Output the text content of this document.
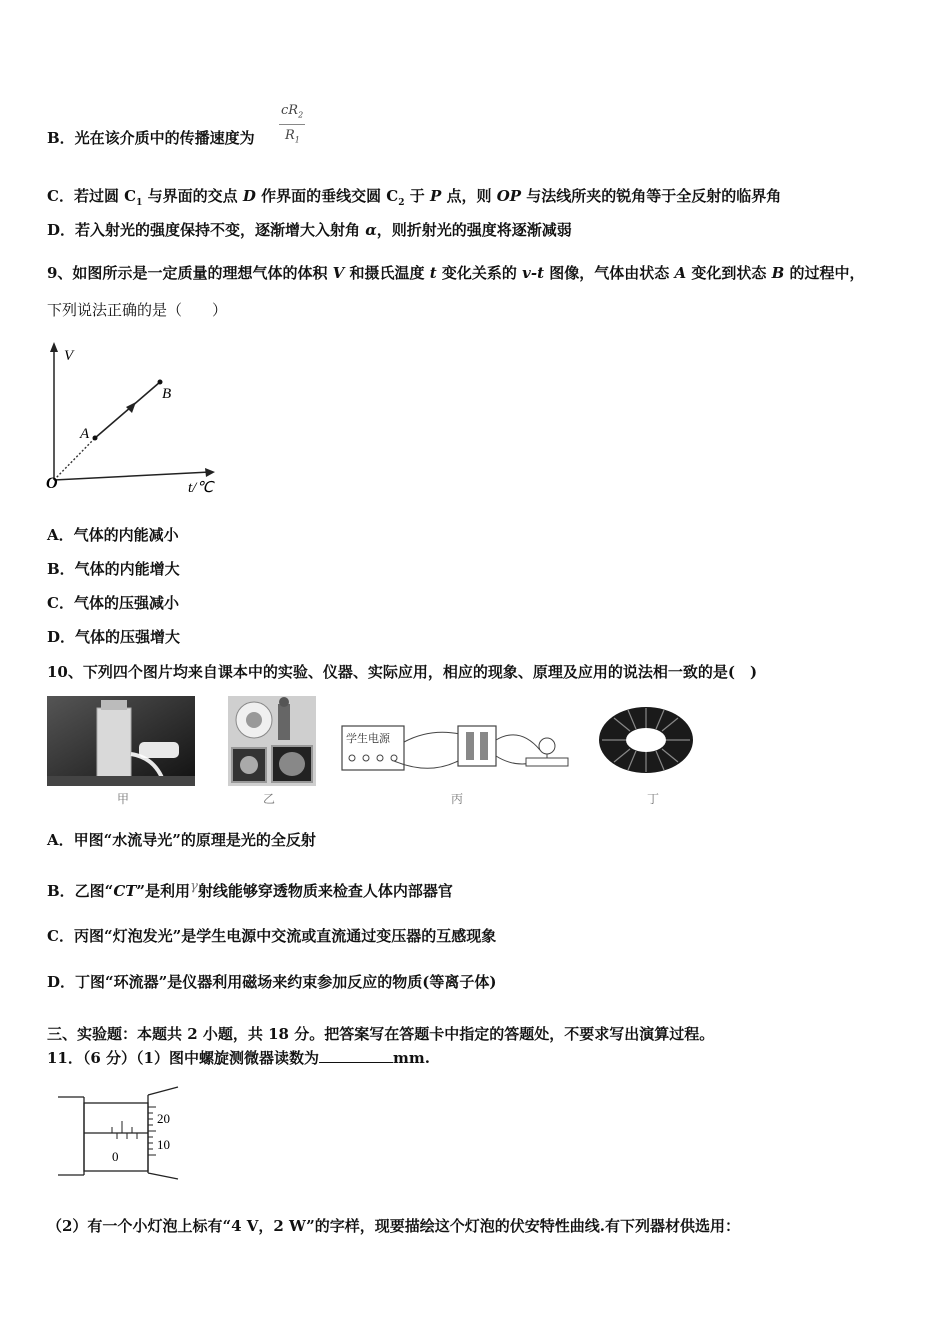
B．光在该介质中的传播速度为
$cR_2$
$R_1$
C．若过圆 $C_1$ 与界面的交点 D 作界面的垂线交圆 $C_2$ 于 P 点，则 OP 与法线所夹的锐角等于全反射的临界角
D．若入射光的强度保持不变，逐渐增大入射角 α，则折射光的强度将逐渐减弱
9、如图所示是一定质量的理想气体的体积 V 和摄氏温度 t 变化关系的 v-t 图像，气体由状态 A 变化到状态 B 的过程中，
下列说法正确的是（　　）
V
t/℃
O
A
B
A．气体的内能减小
B．气体的内能增大
C．气体的压强减小
D．气体的压强增大
10、下列四个图片均来自课本中的实验、仪器、实际应用，相应的现象、原理及应用的说法相一致的是(　)
学生电源
甲	乙	丙	丁
A．甲图“水流导光”的原理是光的全反射
B．乙图“CT”是利用γ射线能够穿透物质来检查人体内部器官
C．丙图“灯泡发光”是学生电源中交流或直流通过变压器的互感现象
D．丁图“环流器”是仪器利用磁场来约束参加反应的物质(等离子体)
三、实验题：本题共 2 小题，共 18 分。把答案写在答题卡中指定的答题处，不要求写出演算过程。
11．（6 分）（1）图中螺旋测微器读数为	mm.
20
10
0
（2）有一个小灯泡上标有“4 V，2 W”的字样，现要描绘这个灯泡的伏安特性曲线.有下列器材供选用：
